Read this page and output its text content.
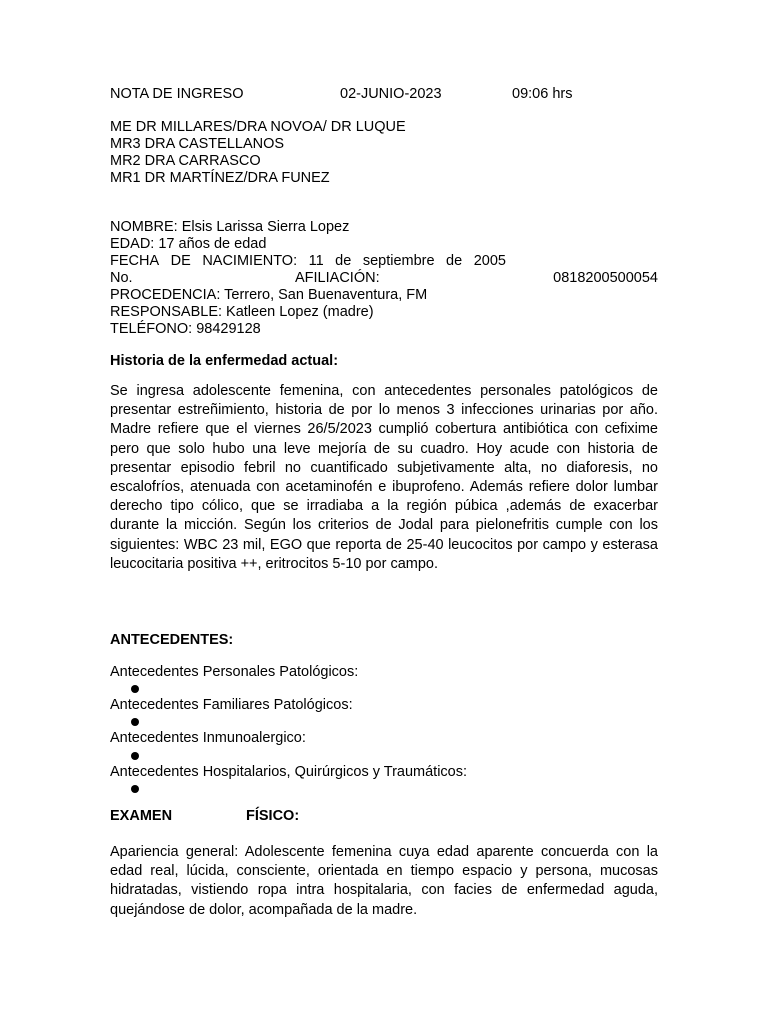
NOTA DE INGRESO	02-JUNIO-2023	09:06 hrs
ME DR MILLARES/DRA NOVOA/ DR LUQUE
MR3 DRA CASTELLANOS
MR2 DRA CARRASCO
MR1 DR MARTÍNEZ/DRA FUNEZ
NOMBRE: Elsis Larissa Sierra Lopez
EDAD: 17 años de edad
FECHA DE NACIMIENTO: 11 de septiembre de 2005
No.	AFILIACIÓN:	0818200500054
PROCEDENCIA: Terrero, San Buenaventura, FM
RESPONSABLE: Katleen Lopez (madre)
TELÉFONO: 98429128
Historia de la enfermedad actual:
Se ingresa adolescente femenina, con antecedentes personales patológicos de presentar estreñimiento, historia de por lo menos 3 infecciones urinarias por año. Madre refiere que el viernes 26/5/2023 cumplió cobertura antibiótica con cefixime pero que solo hubo una leve mejoría de su cuadro. Hoy acude con historia de presentar episodio febril no cuantificado subjetivamente alta, no diaforesis, no escalofríos, atenuada con acetaminofén e ibuprofeno. Además refiere dolor lumbar derecho tipo cólico, que se irradiaba a la región púbica ,además de exacerbar durante la micción. Según los criterios de Jodal para pielonefritis cumple con los siguientes: WBC 23 mil, EGO que reporta de 25-40 leucocitos por campo y esterasa leucocitaria positiva ++, eritrocitos 5-10 por campo.
ANTECEDENTES:
Antecedentes Personales Patológicos:
Antecedentes Familiares Patológicos:
Antecedentes Inmunoalergico:
Antecedentes Hospitalarios, Quirúrgicos y Traumáticos:
EXAMEN	FÍSICO:
Apariencia general: Adolescente femenina cuya edad aparente concuerda con la edad real, lúcida, consciente, orientada en tiempo espacio y persona, mucosas hidratadas, vistiendo ropa intra hospitalaria, con facies de enfermedad aguda, quejándose de dolor, acompañada de la madre.
